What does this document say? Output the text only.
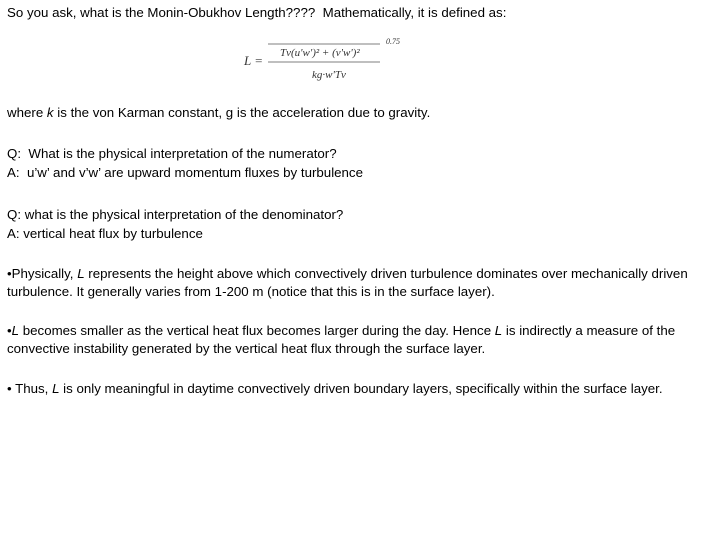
So you ask, what is the Monin-Obukhov Length????  Mathematically, it is defined as:

L = Tv(u'w')² + (v'w')²
0.75
kg·w'Tv

where k is the von Karman constant, g is the acceleration due to gravity.

Q:  What is the physical interpretation of the numerator?

A:  u’w’ and v’w’ are upward momentum fluxes by turbulence

Q: what is the physical interpretation of the denominator?

A: vertical heat flux by turbulence

•Physically, L represents the height above which convectively driven turbulence dominates over mechanically driven turbulence. It generally varies from 1-200 m (notice that this is in the surface layer).

•L becomes smaller as the vertical heat flux becomes larger during the day. Hence L is indirectly a measure of the convective instability generated by the vertical heat flux through the surface layer.

• Thus, L is only meaningful in daytime convectively driven boundary layers, specifically within the surface layer.
